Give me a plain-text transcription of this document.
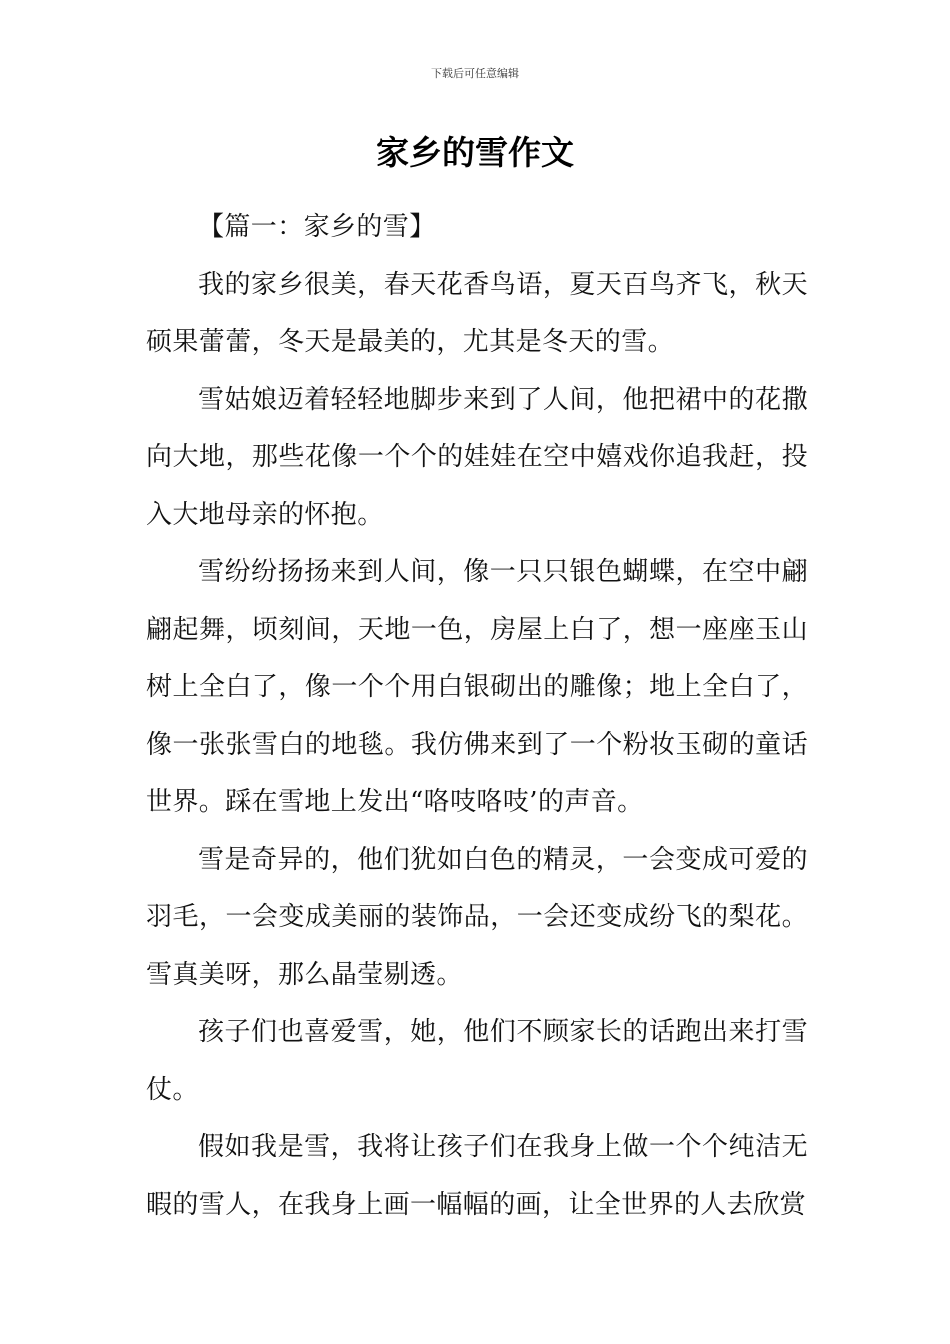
下载后可任意编辑
家乡的雪作文

【篇一：家乡的雪】

我的家乡很美，春天花香鸟语，夏天百鸟齐飞，秋天硕果蕾蕾，冬天是最美的，尤其是冬天的雪。

雪姑娘迈着轻轻地脚步来到了人间，他把裙中的花撒向大地，那些花像一个个的娃娃在空中嬉戏你追我赶，投入大地母亲的怀抱。

雪纷纷扬扬来到人间，像一只只银色蝴蝶，在空中翩翩起舞，顷刻间，天地一色，房屋上白了，想一座座玉山树上全白了，像一个个用白银砌出的雕像；地上全白了，像一张张雪白的地毯。我仿佛来到了一个粉妆玉砌的童话世界。踩在雪地上发出“咯吱咯吱’的声音。

雪是奇异的，他们犹如白色的精灵，一会变成可爱的羽毛，一会变成美丽的装饰品，一会还变成纷飞的梨花。雪真美呀，那么晶莹剔透。

孩子们也喜爱雪，她，他们不顾家长的话跑出来打雪仗。

假如我是雪，我将让孩子们在我身上做一个个纯洁无暇的雪人，在我身上画一幅幅的画，让全世界的人去欣赏
